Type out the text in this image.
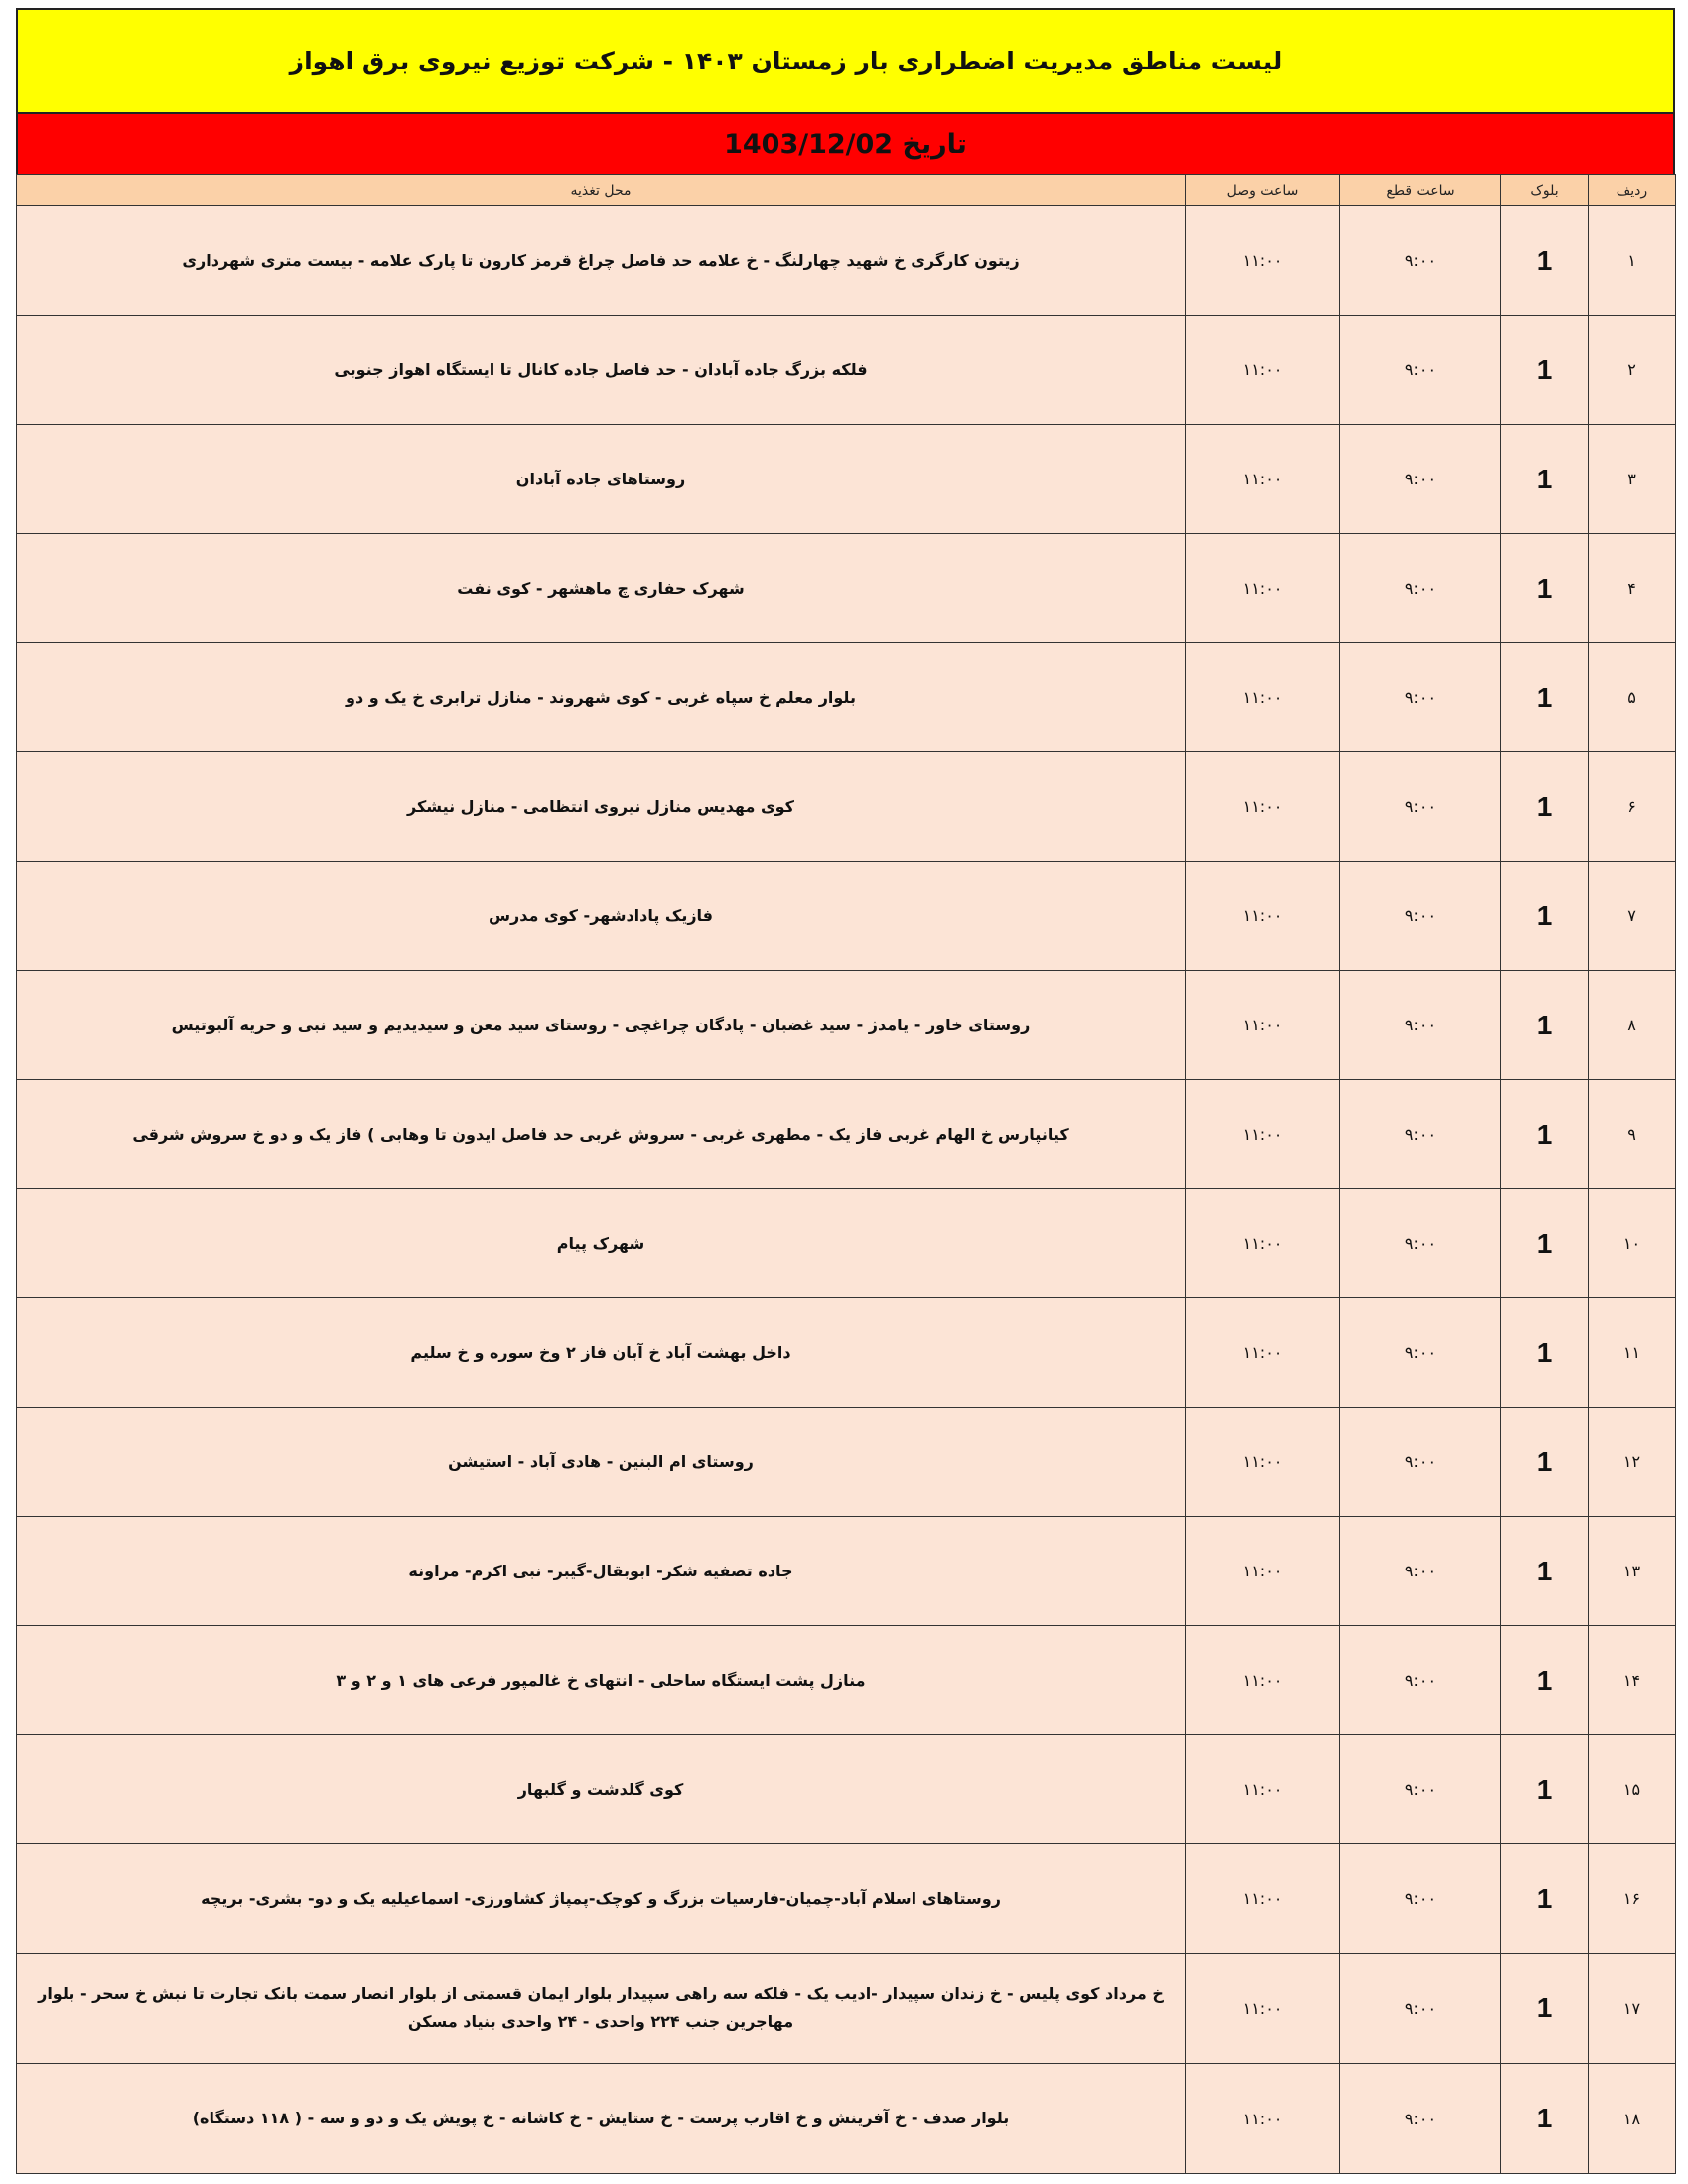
لیست مناطق مدیریت اضطراری بار زمستان ۱۴۰۳ - شرکت توزیع نیروی برق اهواز
تاریخ 1403/12/02
ردیف	بلوک	ساعت قطع	ساعت وصل	محل تغذیه
۱	1	۹:۰۰	۱۱:۰۰	زیتون کارگری خ شهید چهارلنگ - خ علامه حد فاصل چراغ قرمز کارون تا پارک علامه - بیست متری شهرداری
۲	1	۹:۰۰	۱۱:۰۰	فلکه بزرگ جاده آبادان - حد فاصل جاده کانال تا ایستگاه اهواز جنوبی
۳	1	۹:۰۰	۱۱:۰۰	روستاهای جاده آبادان
۴	1	۹:۰۰	۱۱:۰۰	شهرک حفاری چ ماهشهر - کوی نفت
۵	1	۹:۰۰	۱۱:۰۰	بلوار معلم خ سپاه غربی - کوی شهروند - منازل ترابری خ یک و دو
۶	1	۹:۰۰	۱۱:۰۰	کوی مهدیس منازل نیروی انتظامی - منازل نیشکر
۷	1	۹:۰۰	۱۱:۰۰	فازیک پادادشهر- کوی مدرس
۸	1	۹:۰۰	۱۱:۰۰	روستای خاور - یامدژ - سید غضبان - پادگان چراغچی - روستای سید معن و سیدیدیم و سید نبی و حریه آلبوتیس
۹	1	۹:۰۰	۱۱:۰۰	کیانپارس خ الهام غربی فاز یک - مطهری غربی - سروش غربی حد فاصل ایدون تا وهابی ) فاز یک و دو خ سروش شرقی
۱۰	1	۹:۰۰	۱۱:۰۰	شهرک پیام
۱۱	1	۹:۰۰	۱۱:۰۰	داخل بهشت آباد خ آبان فاز ۲ وخ سوره و خ سلیم
۱۲	1	۹:۰۰	۱۱:۰۰	روستای ام البنین - هادی آباد - استیشن
۱۳	1	۹:۰۰	۱۱:۰۰	جاده تصفیه شکر- ابوبقال-گیبر- نبی اکرم- مراونه
۱۴	1	۹:۰۰	۱۱:۰۰	منازل پشت ایستگاه ساحلی - انتهای خ غالمپور فرعی های ۱ و ۲ و ۳
۱۵	1	۹:۰۰	۱۱:۰۰	کوی گلدشت و گلبهار
۱۶	1	۹:۰۰	۱۱:۰۰	روستاهای اسلام آباد-چمیان-فارسیات بزرگ و کوچک-پمپاژ کشاورزی- اسماعیلیه یک و دو- بشری- بریچه
۱۷	1	۹:۰۰	۱۱:۰۰	خ مرداد کوی پلیس - خ زندان سپیدار -ادیب یک - فلکه سه راهی سپیدار بلوار ایمان قسمتی از بلوار انصار سمت بانک تجارت تا نبش خ سحر - بلوار مهاجرین جنب ۲۲۴ واحدی - ۲۴ واحدی بنیاد مسکن
۱۸	1	۹:۰۰	۱۱:۰۰	بلوار صدف - خ آفرینش و خ اقارب پرست - خ ستایش - خ کاشانه - خ پویش یک و دو و سه - ( ۱۱۸ دستگاه)
